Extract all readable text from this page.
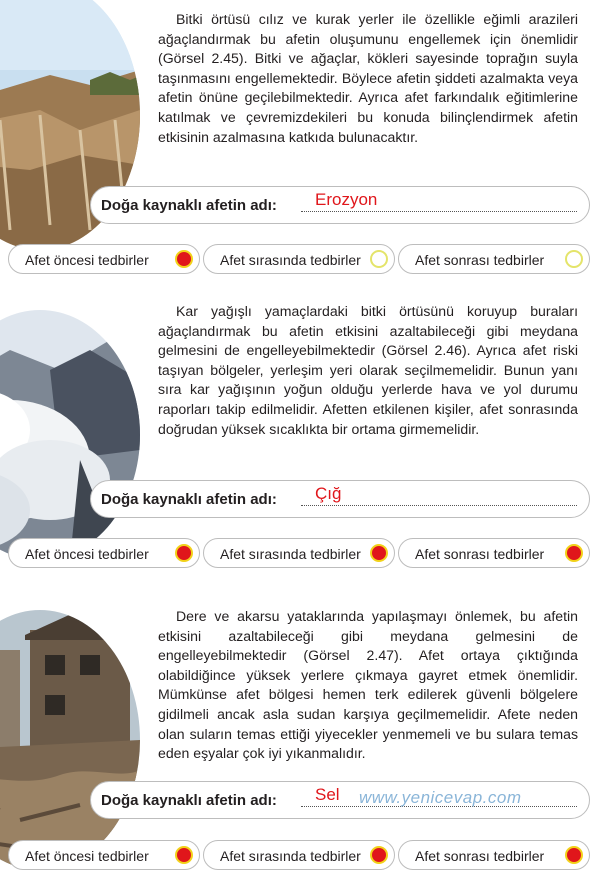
Bitki örtüsü cılız ve kurak yerler ile özellikle eğimli arazileri ağaçlandırmak bu afetin oluşumunu engellemek için önemlidir (Görsel 2.45). Bitki ve ağaçlar, kökleri sayesinde toprağın suyla taşınmasını engellemektedir. Böylece afetin şiddeti azalmakta veya afetin önüne geçilebilmektedir. Ayrıca afet farkındalık eğitimlerine katılmak ve çevremizdekileri bu konuda bilinçlendirmek afetin etkisinin azalmasına katkıda bulunacaktır.

Doğa kaynaklı afetin adı: Erozyon
Afet öncesi tedbirler	Afet sırasında tedbirler	Afet sonrası tedbirler

Kar yağışlı yamaçlardaki bitki örtüsünü koruyup buraları ağaçlandırmak bu afetin etkisini azaltabileceği gibi meydana gelmesini de engelleyebilmektedir (Görsel 2.46). Ayrıca afet riski taşıyan bölgeler, yerleşim yeri olarak seçilmemelidir. Bunun yanı sıra kar yağışının yoğun olduğu yerlerde hava ve yol durumu raporları takip edilmelidir. Afetten etkilenen kişiler, afet sonrasında doğrudan yüksek sıcaklıkta bir ortama girmemelidir.

Doğa kaynaklı afetin adı: Çığ
Afet öncesi tedbirler	Afet sırasında tedbirler	Afet sonrası tedbirler

Dere ve akarsu yataklarında yapılaşmayı önlemek, bu afetin etkisini azaltabileceği gibi meydana gelmesini de engelleyebilmektedir (Görsel 2.47). Afet ortaya çıktığında olabildiğince yüksek yerlere çıkmaya gayret etmek önemlidir. Mümkünse afet bölgesi hemen terk edilerek güvenli bölgelere gidilmeli ancak asla sudan karşıya geçilmemelidir. Afete neden olan suların temas ettiği yiyecekler yenmemeli ve bu sulara temas eden eşyalar çok iyi yıkanmalıdır.

Doğa kaynaklı afetin adı: Sel www.yenicevap.com
Afet öncesi tedbirler	Afet sırasında tedbirler	Afet sonrası tedbirler
